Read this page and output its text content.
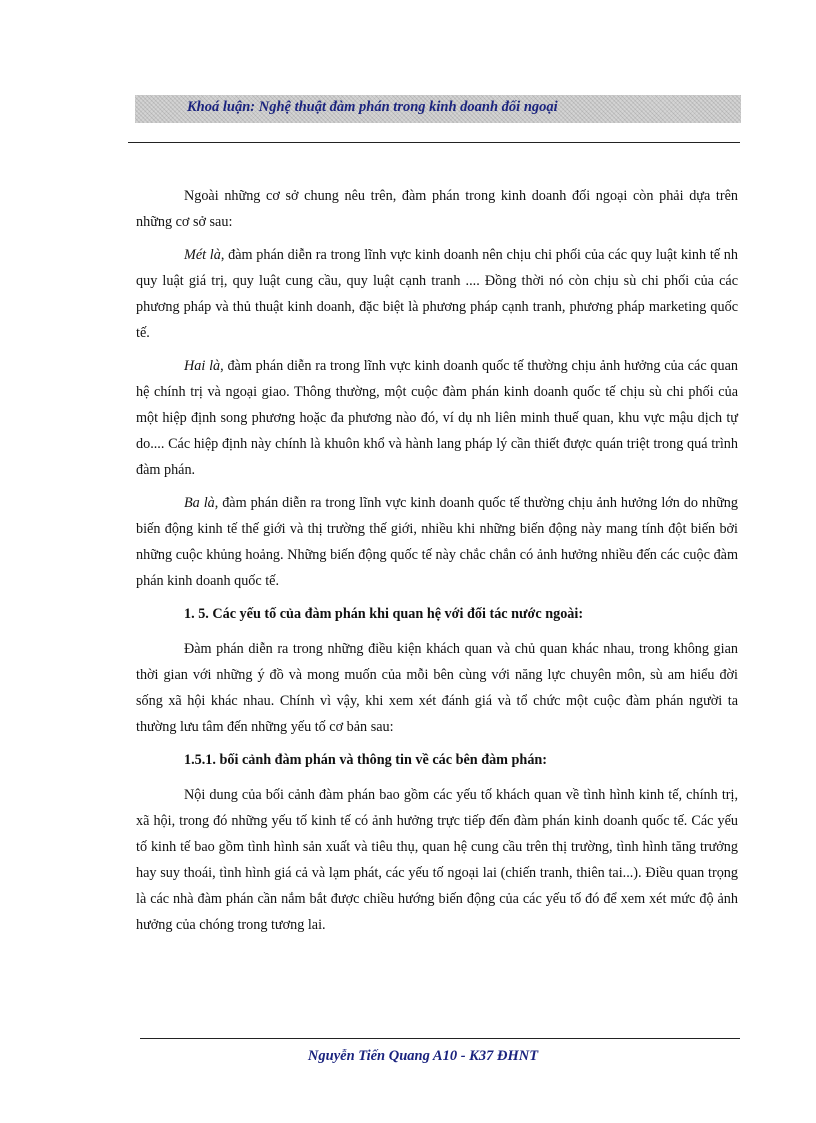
Khoá luận: Nghệ thuật đàm phán trong kinh doanh đối ngoại

Ngoài những cơ sở chung nêu trên, đàm phán trong kinh doanh đối ngoại còn phải dựa trên những cơ sở sau:

Mét là, đàm phán diễn ra trong lĩnh vực kinh doanh nên chịu chi phối của các quy luật kinh tế nh quy luật giá trị, quy luật cung cầu, quy luật cạnh tranh .... Đồng thời nó còn chịu sù chi phối của các phương pháp và thủ thuật kinh doanh, đặc biệt là phương pháp cạnh tranh, phương pháp marketing quốc tế.

Hai là, đàm phán diễn ra trong lĩnh vực kinh doanh quốc tế thường chịu ảnh hưởng của các quan hệ chính trị và ngoại giao. Thông thường, một cuộc đàm phán kinh doanh quốc tế chịu sù chi phối của một hiệp định song phương hoặc đa phương nào đó, ví dụ nh liên minh thuế quan, khu vực mậu dịch tự do.... Các hiệp định này chính là khuôn khổ và hành lang pháp lý cần thiết được quán triệt trong quá trình đàm phán.

Ba là, đàm phán diễn ra trong lĩnh vực kinh doanh quốc tế thường chịu ảnh hưởng lớn do những biến động kinh tế thế giới và thị trường thế giới, nhiều khi những biến động này mang tính đột biến bởi những cuộc khủng hoảng. Những biến động quốc tế này chắc chắn có ảnh hưởng nhiều đến các cuộc đàm phán kinh doanh quốc tế.

1. 5. Các yếu tố của đàm phán khi quan hệ với đối tác nước ngoài:

Đàm phán diễn ra trong những điều kiện khách quan và chủ quan khác nhau, trong không gian thời gian với những ý đồ và mong muốn của mỗi bên cùng với năng lực chuyên môn, sù am hiểu đời sống xã hội khác nhau. Chính vì vậy, khi xem xét đánh giá và tổ chức một cuộc đàm phán người ta thường lưu tâm đến những yếu tố cơ bản sau:

1.5.1. bối cảnh đàm phán và thông tin về các bên đàm phán:

Nội dung của bối cảnh đàm phán bao gồm các yếu tố khách quan về tình hình kinh tế, chính trị, xã hội, trong đó những yếu tố kinh tế có ảnh hưởng trực tiếp đến đàm phán kinh doanh quốc tế. Các yếu tố kinh tế bao gồm tình hình sản xuất và tiêu thụ, quan hệ cung cầu trên thị trường, tình hình tăng trưởng hay suy thoái, tình hình giá cả và lạm phát, các yếu tố ngoại lai (chiến tranh, thiên tai...). Điều quan trọng là các nhà đàm phán cần nắm bắt được chiều hướng biến động của các yếu tố đó để xem xét mức độ ảnh hưởng của chóng trong tương lai.

Nguyễn Tiến Quang A10 - K37 ĐHNT
